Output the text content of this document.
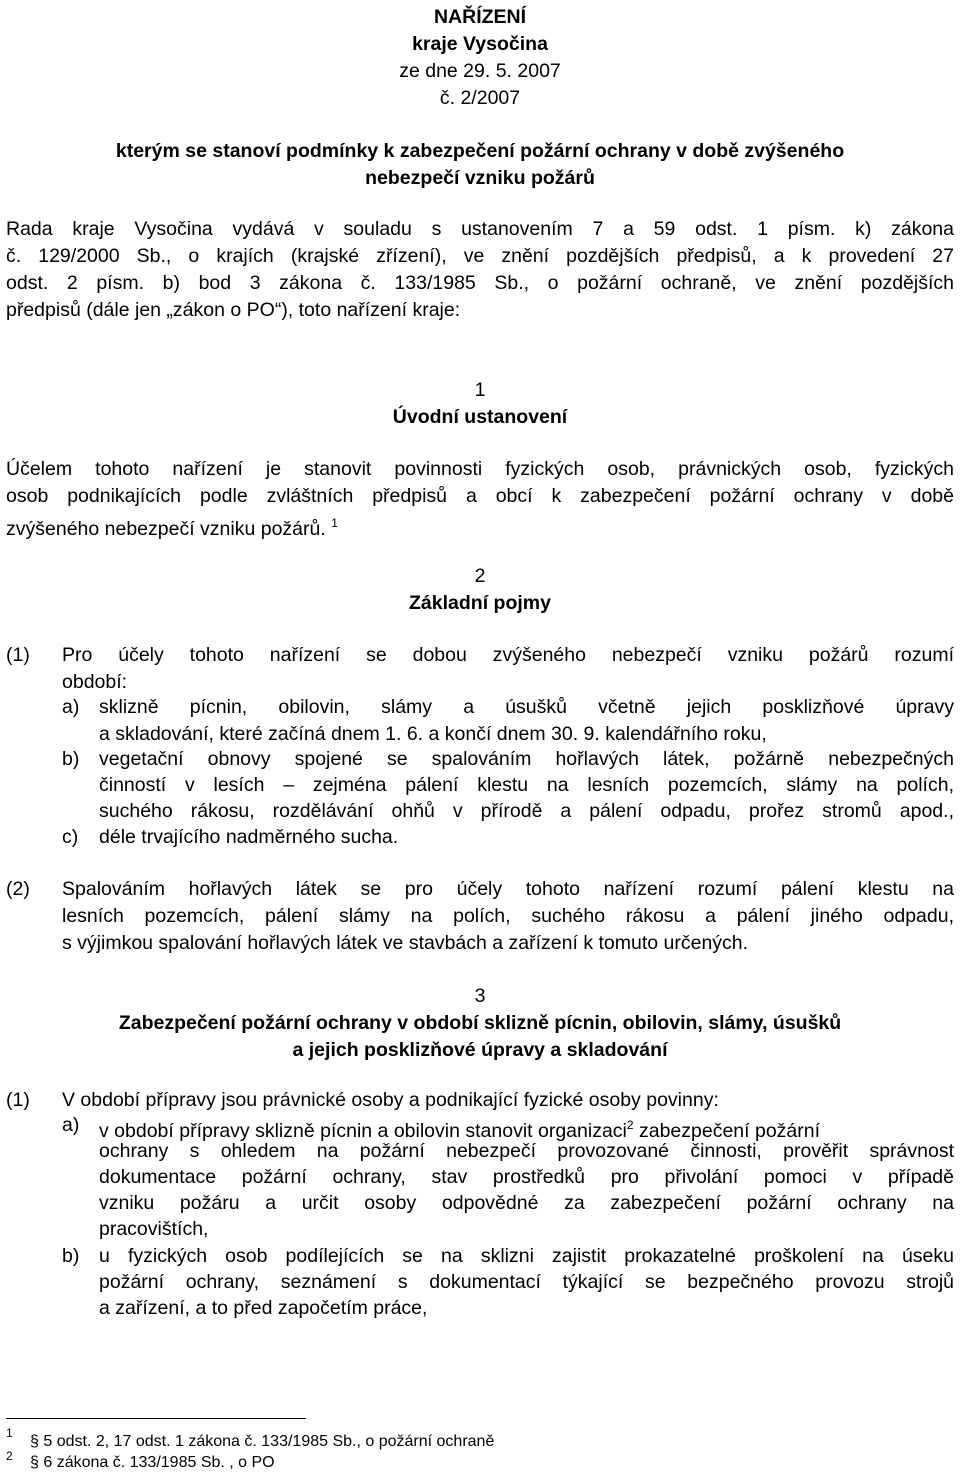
NAŘÍZENÍ
kraje Vysočina
ze dne 29. 5. 2007
č. 2/2007
kterým se stanoví podmínky k zabezpečení požární ochrany v době zvýšeného
nebezpečí vzniku požárů
Rada kraje Vysočina vydává v souladu s ustanovením 7 a 59 odst. 1 písm. k) zákona
č. 129/2000 Sb., o krajích (krajské zřízení), ve znění pozdějších předpisů, a k provedení 27
odst. 2 písm. b) bod 3 zákona č. 133/1985 Sb., o požární ochraně, ve znění pozdějších
předpisů (dále jen „zákon o PO“), toto nařízení kraje:
1
Úvodní ustanovení
Účelem tohoto nařízení je stanovit povinnosti fyzických osob, právnických osob, fyzických
osob podnikajících podle zvláštních předpisů a obcí k zabezpečení požární ochrany v době
zvýšeného nebezpečí vzniku požárů. $^1$
2
Základní pojmy
(1) Pro účely tohoto nařízení se dobou zvýšeného nebezpečí vzniku požárů rozumí
období:
a) sklizně pícnin, obilovin, slámy a úsušků včetně jejich posklizňové úpravy
a skladování, které začíná dnem 1. 6. a končí dnem 30. 9. kalendářního roku,
b) vegetační obnovy spojené se spalováním hořlavých látek, požárně nebezpečných
činností v lesích – zejména pálení klestu na lesních pozemcích, slámy na polích,
suchého rákosu, rozdělávání ohňů v přírodě a pálení odpadu, prořez stromů apod.,
c) déle trvajícího nadměrného sucha.
(2) Spalováním hořlavých látek se pro účely tohoto nařízení rozumí pálení klestu na
lesních pozemcích, pálení slámy na polích, suchého rákosu a pálení jiného odpadu,
s výjimkou spalování hořlavých látek ve stavbách a zařízení k tomuto určených.
3
Zabezpečení požární ochrany v období sklizně pícnin, obilovin, slámy, úsušků
a jejich posklizňové úpravy a skladování
(1) V období přípravy jsou právnické osoby a podnikající fyzické osoby povinny:
a) v období přípravy sklizně pícnin a obilovin stanovit organizaci$^2$ zabezpečení požární
ochrany s ohledem na požární nebezpečí provozované činnosti, prověřit správnost
dokumentace požární ochrany, stav prostředků pro přivolání pomoci v případě
vzniku požáru a určit osoby odpovědné za zabezpečení požární ochrany na
pracovištích,
b) u fyzických osob podílejících se na sklizni zajistit prokazatelné proškolení na úseku
požární ochrany, seznámení s dokumentací týkající se bezpečného provozu strojů
a zařízení, a to před započetím práce,
1 § 5 odst. 2, 17 odst. 1 zákona č. 133/1985 Sb., o požární ochraně
2 § 6 zákona č. 133/1985 Sb. , o PO
